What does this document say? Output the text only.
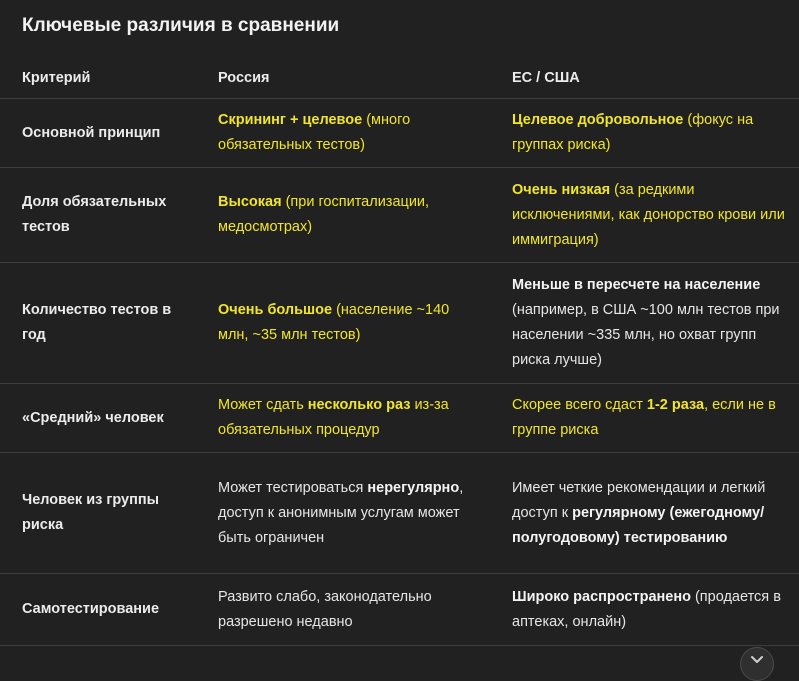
Ключевые различия в сравнении
Критерий	Россия	ЕС / США
Основной принцип	Скрининг + целевое (много обязательных тестов)	Целевое добровольное (фокус на группах риска)
Доля обязательных тестов	Высокая (при госпитализации, медосмотрах)	Очень низкая (за редкими исключениями, как донорство крови или иммиграция)
Количество тестов в год	Очень большое (население ~140 млн, ~35 млн тестов)	Меньше в пересчете на население (например, в США ~100 млн тестов при населении ~335 млн, но охват групп риска лучше)
«Средний» человек	Может сдать несколько раз из-за обязательных процедур	Скорее всего сдаст 1-2 раза, если не в группе риска
Человек из группы риска	Может тестироваться нерегулярно, доступ к анонимным услугам может быть ограничен	Имеет четкие рекомендации и легкий доступ к регулярному (ежегодному/полугодовому) тестированию
Самотестирование	Развито слабо, законодательно разрешено недавно	Широко распространено (продается в аптеках, онлайн)
